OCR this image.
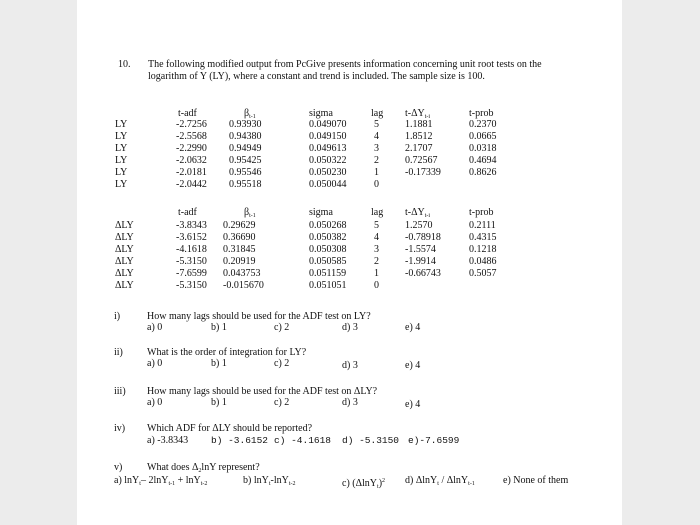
10. The following modified output from PcGive presents information concerning unit root tests on the
logarithm of Y (LY), where a constant and trend is included. The sample size is 100.
t-adf	$\beta_{t-1}$	sigma	lag $t-\Delta Y_{t-i}$	t-prob
LY	-2.7256 0.93930	0.049070	5	1.1881	0.2370
LY	-2.5568 0.94380	0.049150	4	1.8512	0.0665
LY	-2.2990 0.94949	0.049613	3	2.1707	0.0318
LY	-2.0632 0.95425	0.050322	2	0.72567	0.4694
LY	-2.0181 0.95546	0.050230	1	-0.17339	0.8626
LY	-2.0442 0.95518	0.050044	0
t-adf	$\beta_{t-1}$	sigma	lag $t-\Delta Y_{t-i}$	t-prob
ΔLY	-3.8343 0.29629	0.050268	5	1.2570	0.2111
ΔLY	-3.6152 0.36690	0.050382	4	-0.78918	0.4315
ΔLY	-4.1618 0.31845	0.050308	3	-1.5574	0.1218
ΔLY	-5.3150 0.20919	0.050585	2	-1.9914	0.0486
ΔLY	-7.6599 0.043753	0.051159	1	-0.66743	0.5057
ΔLY	-5.3150 -0.015670	0.051051	0
i)	How many lags should be used for the ADF test on LY?
a) 0	b) 1	c) 2	d) 3	e) 4
ii) What is the order of integration for LY?
a) 0	b) 1	c) 2	d) 3	e) 4
iii) How many lags should be used for the ADF test on ΔLY?
a) 0	b) 1	c) 2	d) 3	e) 4
iv) Which ADF for ΔLY should be reported?
a) -3.8343 b) -3.6152 c) -4.1618 d) -5.3150 e)-7.6599
v) What does $\Delta_2\ln Y$ represent?
a) lnY$_t$– 2lnY$_{t-1}$ + lnY$_{t-2}$	b) lnY$_t$-lnY$_{t-2}$	c) $(\Delta\ln Y_t)^2$ d) ΔlnY$_t$ / ΔlnY$_{t-1}$	e) None of them
